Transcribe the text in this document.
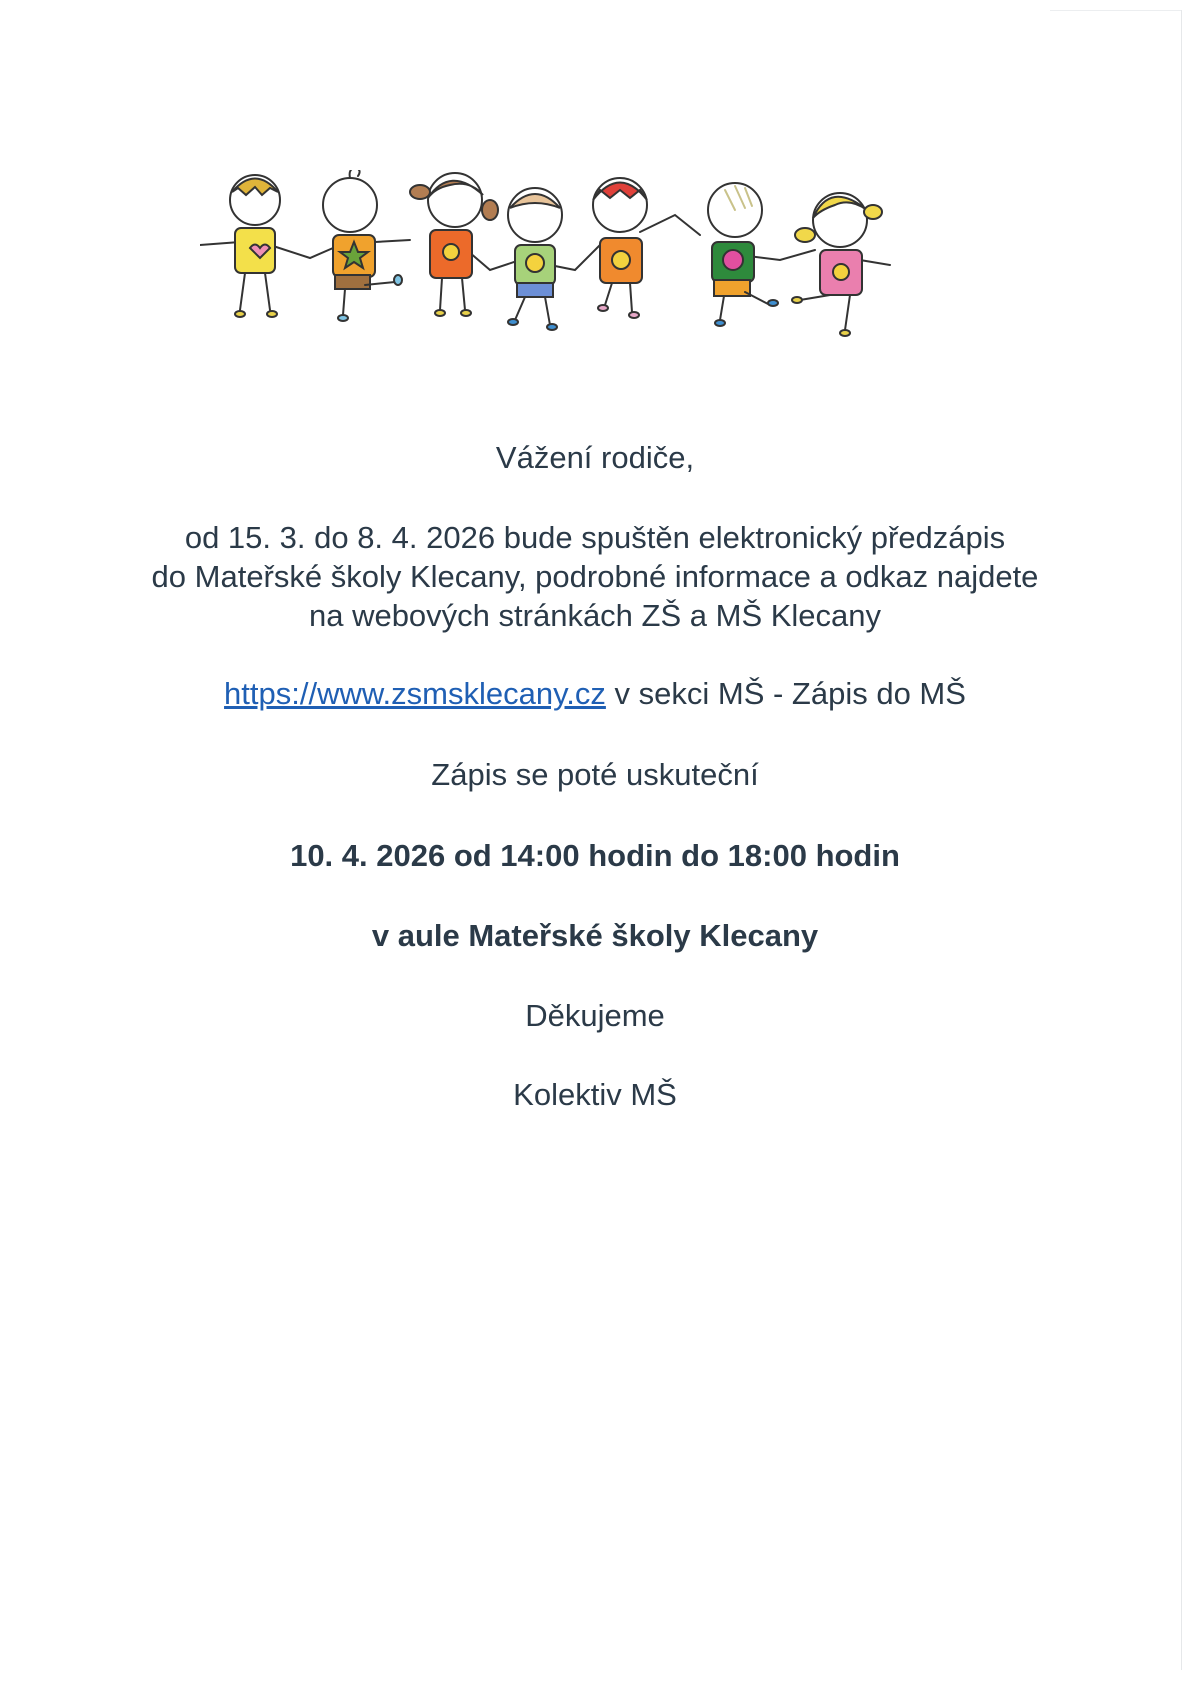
Vážení rodiče,
od 15. 3. do 8. 4. 2026 bude spuštěn elektronický předzápis
do Mateřské školy Klecany, podrobné informace a odkaz najdete
na webových stránkách ZŠ a MŠ Klecany
https://www.zsmsklecany.cz v sekci MŠ - Zápis do MŠ
Zápis se poté uskuteční
10. 4. 2026 od 14:00 hodin do 18:00 hodin
v aule Mateřské školy Klecany
Děkujeme
Kolektiv MŠ
